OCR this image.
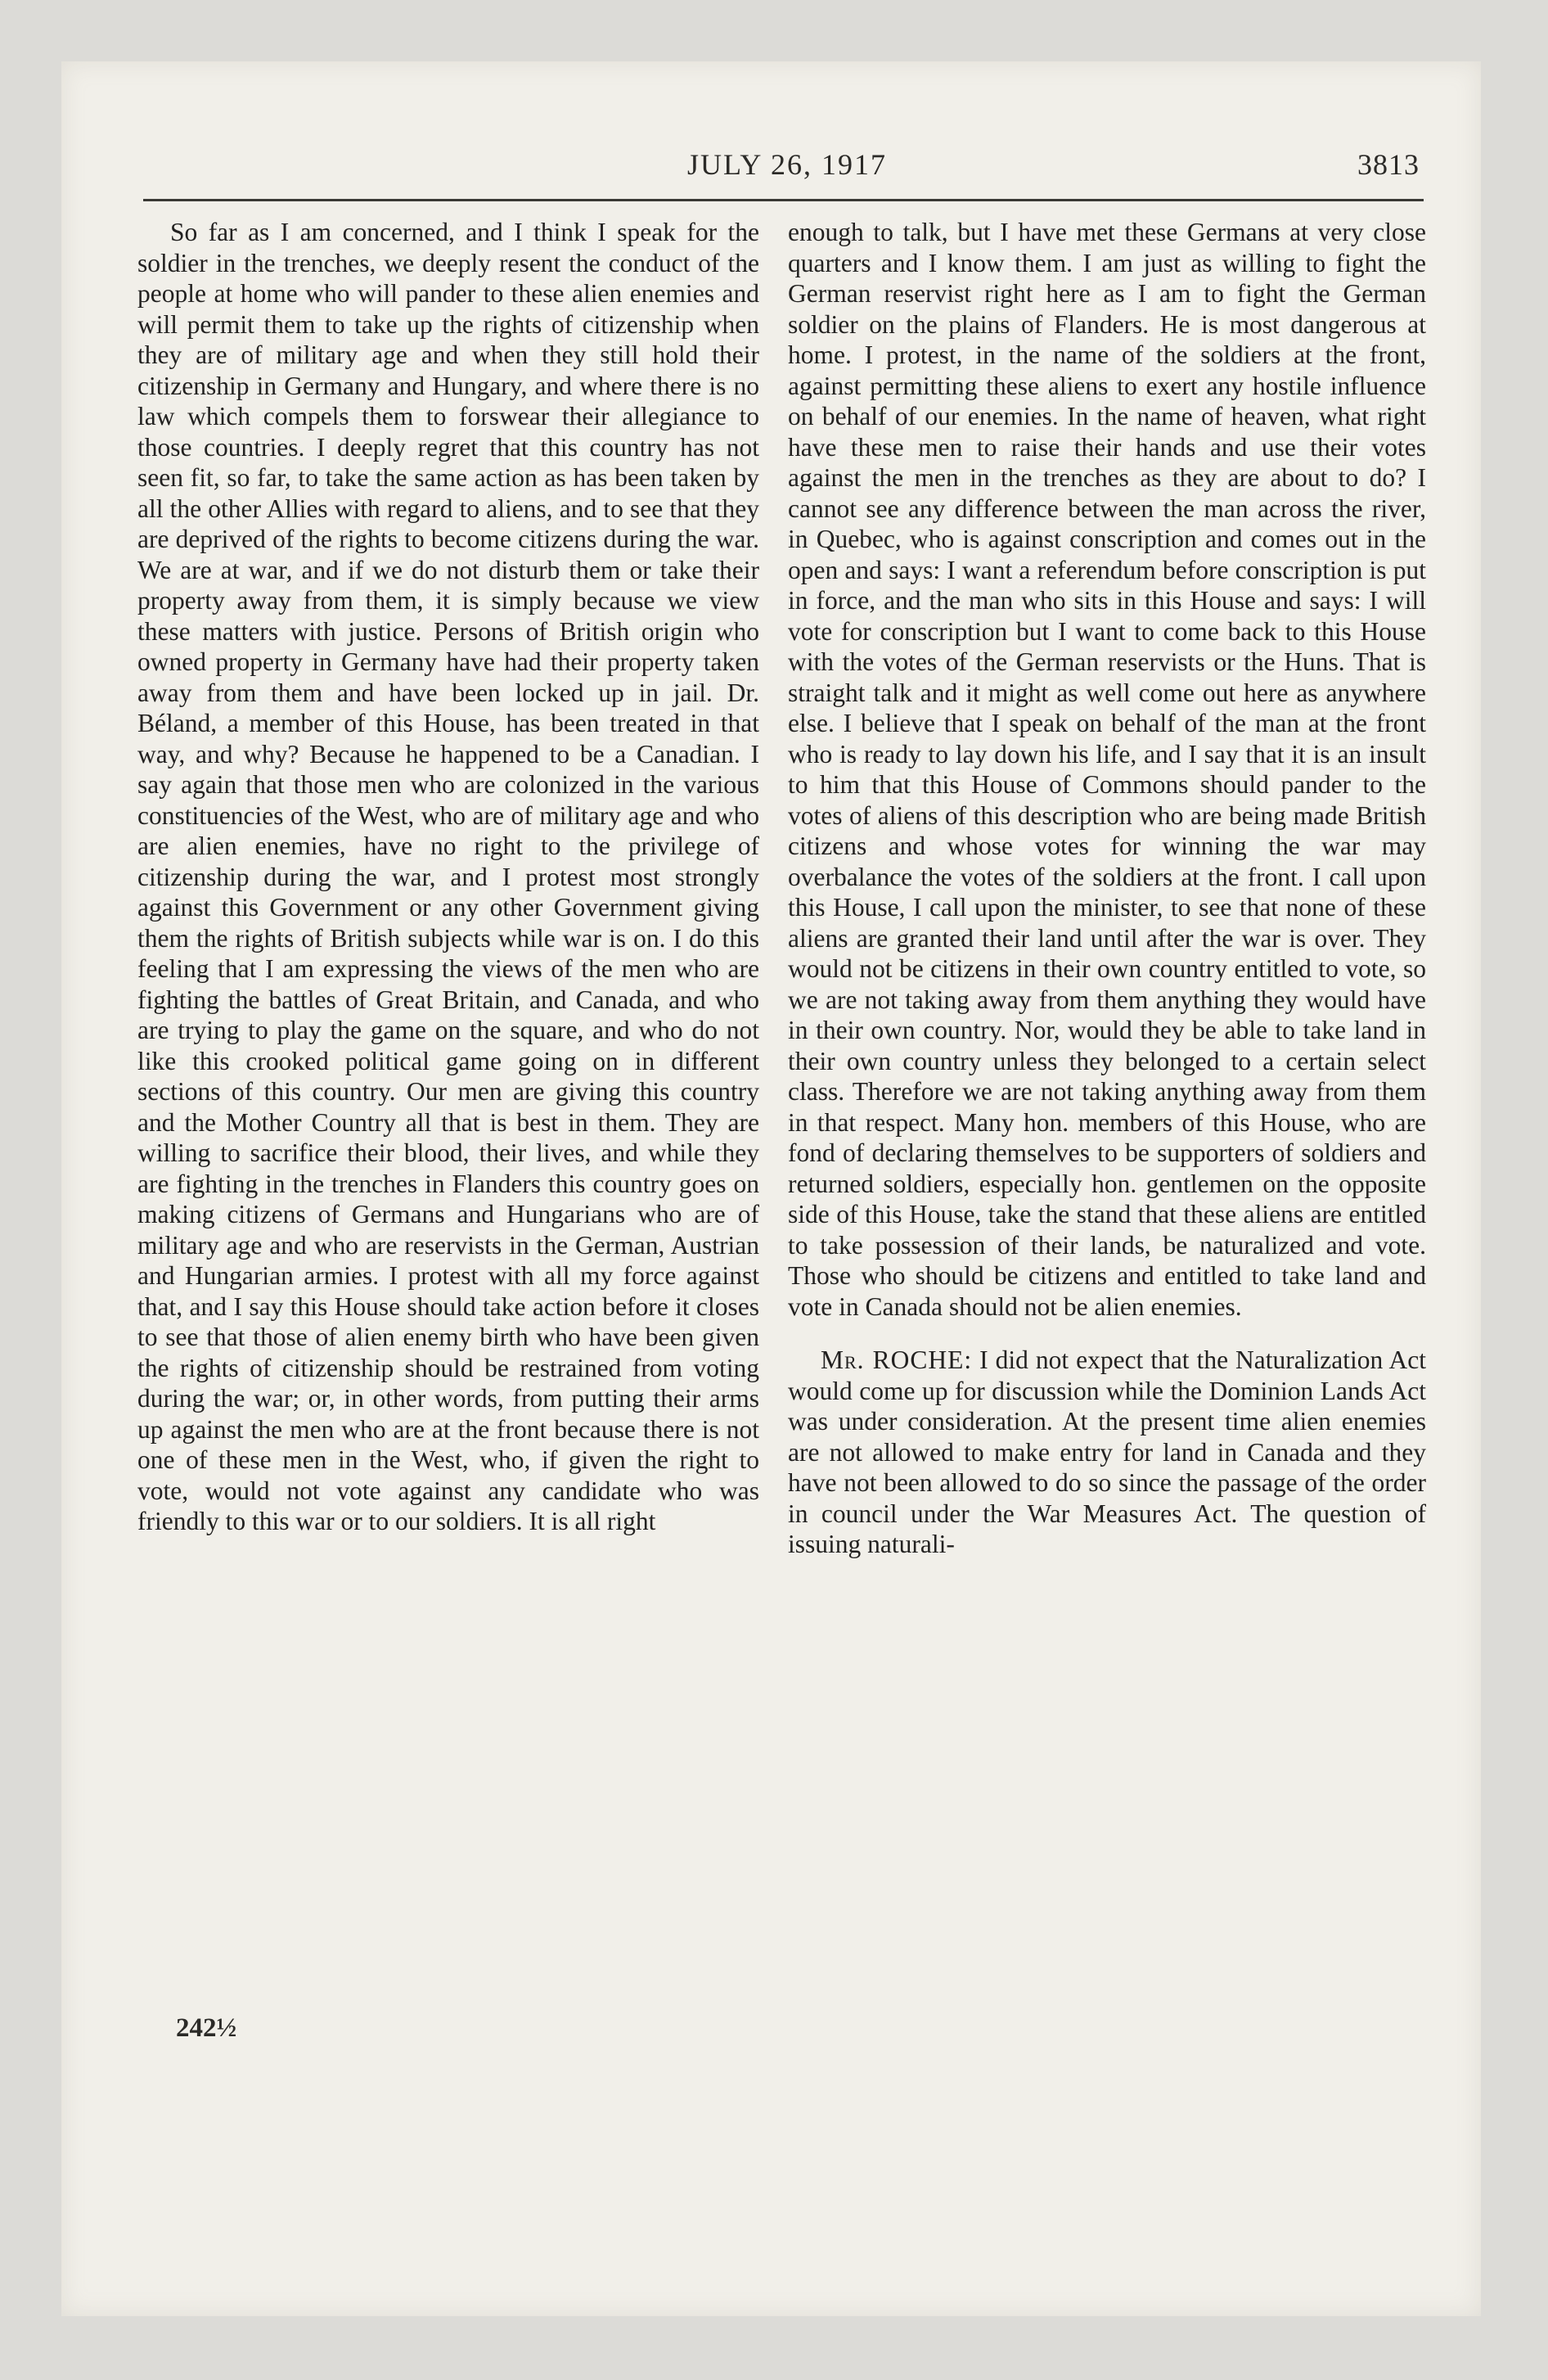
JULY 26, 1917	3813

So far as I am concerned, and I think I speak for the soldier in the trenches, we deeply resent the conduct of the people at home who will pander to these alien enemies and will permit them to take up the rights of citizenship when they are of military age and when they still hold their citizenship in Germany and Hungary, and where there is no law which compels them to forswear their allegiance to those countries. I deeply regret that this country has not seen fit, so far, to take the same action as has been taken by all the other Allies with regard to aliens, and to see that they are deprived of the rights to become citizens during the war. We are at war, and if we do not disturb them or take their property away from them, it is simply because we view these matters with justice. Persons of British origin who owned property in Germany have had their property taken away from them and have been locked up in jail. Dr. Béland, a member of this House, has been treated in that way, and why? Because he happened to be a Canadian. I say again that those men who are colonized in the various constituencies of the West, who are of military age and who are alien enemies, have no right to the privilege of citizenship during the war, and I protest most strongly against this Government or any other Government giving them the rights of British subjects while war is on. I do this feeling that I am expressing the views of the men who are fighting the battles of Great Britain, and Canada, and who are trying to play the game on the square, and who do not like this crooked political game going on in different sections of this country. Our men are giving this country and the Mother Country all that is best in them. They are willing to sacrifice their blood, their lives, and while they are fighting in the trenches in Flanders this country goes on making citizens of Germans and Hungarians who are of military age and who are reservists in the German, Austrian and Hungarian armies. I protest with all my force against that, and I say this House should take action before it closes to see that those of alien enemy birth who have been given the rights of citizenship should be restrained from voting during the war; or, in other words, from putting their arms up against the men who are at the front because there is not one of these men in the West, who, if given the right to vote, would not vote against any candidate who was friendly to this war or to our soldiers. It is all right

enough to talk, but I have met these Germans at very close quarters and I know them. I am just as willing to fight the German reservist right here as I am to fight the German soldier on the plains of Flanders. He is most dangerous at home. I protest, in the name of the soldiers at the front, against permitting these aliens to exert any hostile influence on behalf of our enemies. In the name of heaven, what right have these men to raise their hands and use their votes against the men in the trenches as they are about to do? I cannot see any difference between the man across the river, in Quebec, who is against conscription and comes out in the open and says: I want a referendum before conscription is put in force, and the man who sits in this House and says: I will vote for conscription but I want to come back to this House with the votes of the German reservists or the Huns. That is straight talk and it might as well come out here as anywhere else. I believe that I speak on behalf of the man at the front who is ready to lay down his life, and I say that it is an insult to him that this House of Commons should pander to the votes of aliens of this description who are being made British citizens and whose votes for winning the war may overbalance the votes of the soldiers at the front. I call upon this House, I call upon the minister, to see that none of these aliens are granted their land until after the war is over. They would not be citizens in their own country entitled to vote, so we are not taking away from them anything they would have in their own country. Nor, would they be able to take land in their own country unless they belonged to a certain select class. Therefore we are not taking anything away from them in that respect. Many hon. members of this House, who are fond of declaring themselves to be supporters of soldiers and returned soldiers, especially hon. gentlemen on the opposite side of this House, take the stand that these aliens are entitled to take possession of their lands, be naturalized and vote. Those who should be citizens and entitled to take land and vote in Canada should not be alien enemies.

Mr. ROCHE: I did not expect that the Naturalization Act would come up for discussion while the Dominion Lands Act was under consideration. At the present time alien enemies are not allowed to make entry for land in Canada and they have not been allowed to do so since the passage of the order in council under the War Measures Act. The question of issuing naturali-

242½
